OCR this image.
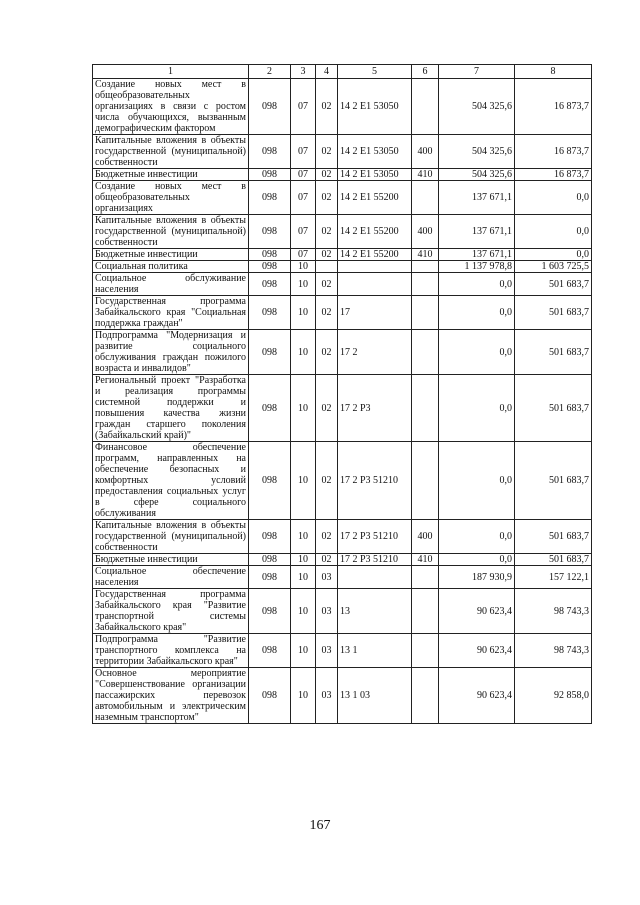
1	2	3	4	5	6	7	8
Создание новых мест в общеобразовательных организациях в связи с ростом числа обучающихся, вызванным демографическим фактором	098	07	02	14 2 E1 53050		504 325,6	16 873,7
Капитальные вложения в объекты государственной (муниципальной) собственности	098	07	02	14 2 E1 53050	400	504 325,6	16 873,7
Бюджетные инвестиции	098	07	02	14 2 E1 53050	410	504 325,6	16 873,7
Создание новых мест в общеобразовательных организациях	098	07	02	14 2 E1 55200		137 671,1	0,0
Капитальные вложения в объекты государственной (муниципальной) собственности	098	07	02	14 2 E1 55200	400	137 671,1	0,0
Бюджетные инвестиции	098	07	02	14 2 E1 55200	410	137 671,1	0,0
Социальная политика	098	10				1 137 978,8	1 603 725,5
Социальное обслуживание населения	098	10	02			0,0	501 683,7
Государственная программа Забайкальского края "Социальная поддержка граждан"	098	10	02	17		0,0	501 683,7
Подпрограмма "Модернизация и развитие социального обслуживания граждан пожилого возраста и инвалидов"	098	10	02	17 2		0,0	501 683,7
Региональный проект "Разработка и реализация программы системной поддержки и повышения качества жизни граждан старшего поколения (Забайкальский край)"	098	10	02	17 2 P3		0,0	501 683,7
Финансовое обеспечение программ, направленных на обеспечение безопасных и комфортных условий предоставления социальных услуг в сфере социального обслуживания	098	10	02	17 2 P3 51210		0,0	501 683,7
Капитальные вложения в объекты государственной (муниципальной) собственности	098	10	02	17 2 P3 51210	400	0,0	501 683,7
Бюджетные инвестиции	098	10	02	17 2 P3 51210	410	0,0	501 683,7
Социальное обеспечение населения	098	10	03			187 930,9	157 122,1
Государственная программа Забайкальского края "Развитие транспортной системы Забайкальского края"	098	10	03	13		90 623,4	98 743,3
Подпрограмма "Развитие транспортного комплекса на территории Забайкальского края"	098	10	03	13 1		90 623,4	98 743,3
Основное мероприятие "Совершенствование организации пассажирских перевозок автомобильным и электрическим наземным транспортом"	098	10	03	13 1 03		90 623,4	92 858,0
167
